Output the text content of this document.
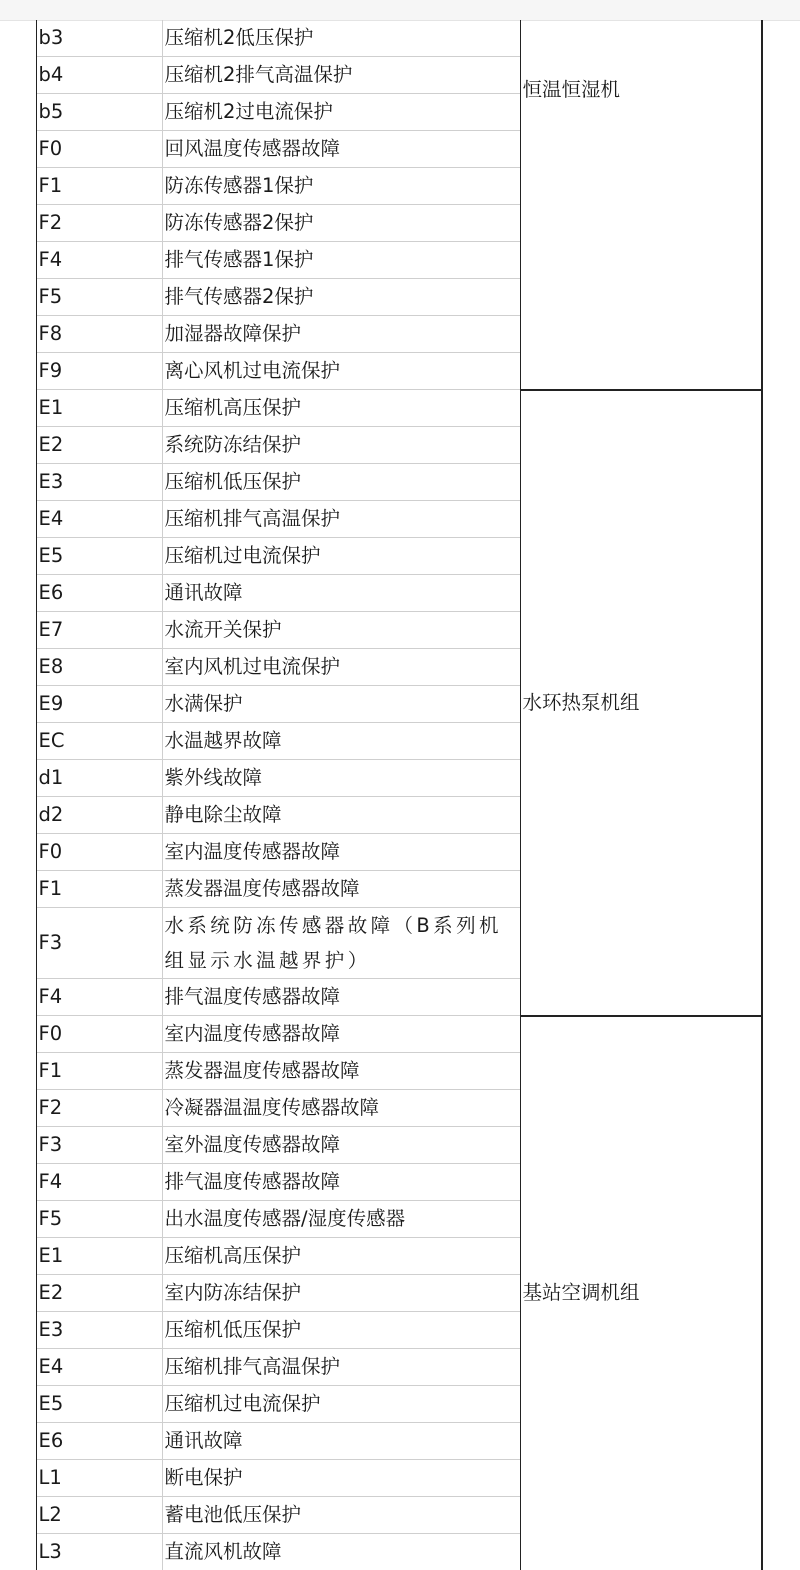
	b3	压缩机2低压保护	恒温恒湿机	

	b4	压缩机2排气高温保护		
	b5	压缩机2过电流保护		
	F0	回风温度传感器故障		
	F1	防冻传感器1保护		
	F2	防冻传感器2保护		
	F4	排气传感器1保护		
	F5	排气传感器2保护		
	F8	加湿器故障保护		
	F9	离心风机过电流保护		
	E1	压缩机高压保护	水环热泵机组	
	E2	系统防冻结保护		
	E3	压缩机低压保护		
	E4	压缩机排气高温保护		
	E5	压缩机过电流保护		
	E6	通讯故障		
	E7	水流开关保护		
	E8	室内风机过电流保护		
	E9	水满保护		
	EC	水温越界故障		
	d1	紫外线故障		
	d2	静电除尘故障		
	F0	室内温度传感器故障		
	F1	蒸发器温度传感器故障		
	F3	水系统防冻传感器故障（B系列机组显示水温越界护）		
	F4	排气温度传感器故障		
	F0	室内温度传感器故障	基站空调机组	
	F1	蒸发器温度传感器故障		
	F2	冷凝器温温度传感器故障		
	F3	室外温度传感器故障		
	F4	排气温度传感器故障		
	F5	出水温度传感器/湿度传感器		
	E1	压缩机高压保护		
	E2	室内防冻结保护		
	E3	压缩机低压保护		
	E4	压缩机排气高温保护		
	E5	压缩机过电流保护		
	E6	通讯故障		
	L1	断电保护		
	L2	蓄电池低压保护		
	L3	直流风机故障		
